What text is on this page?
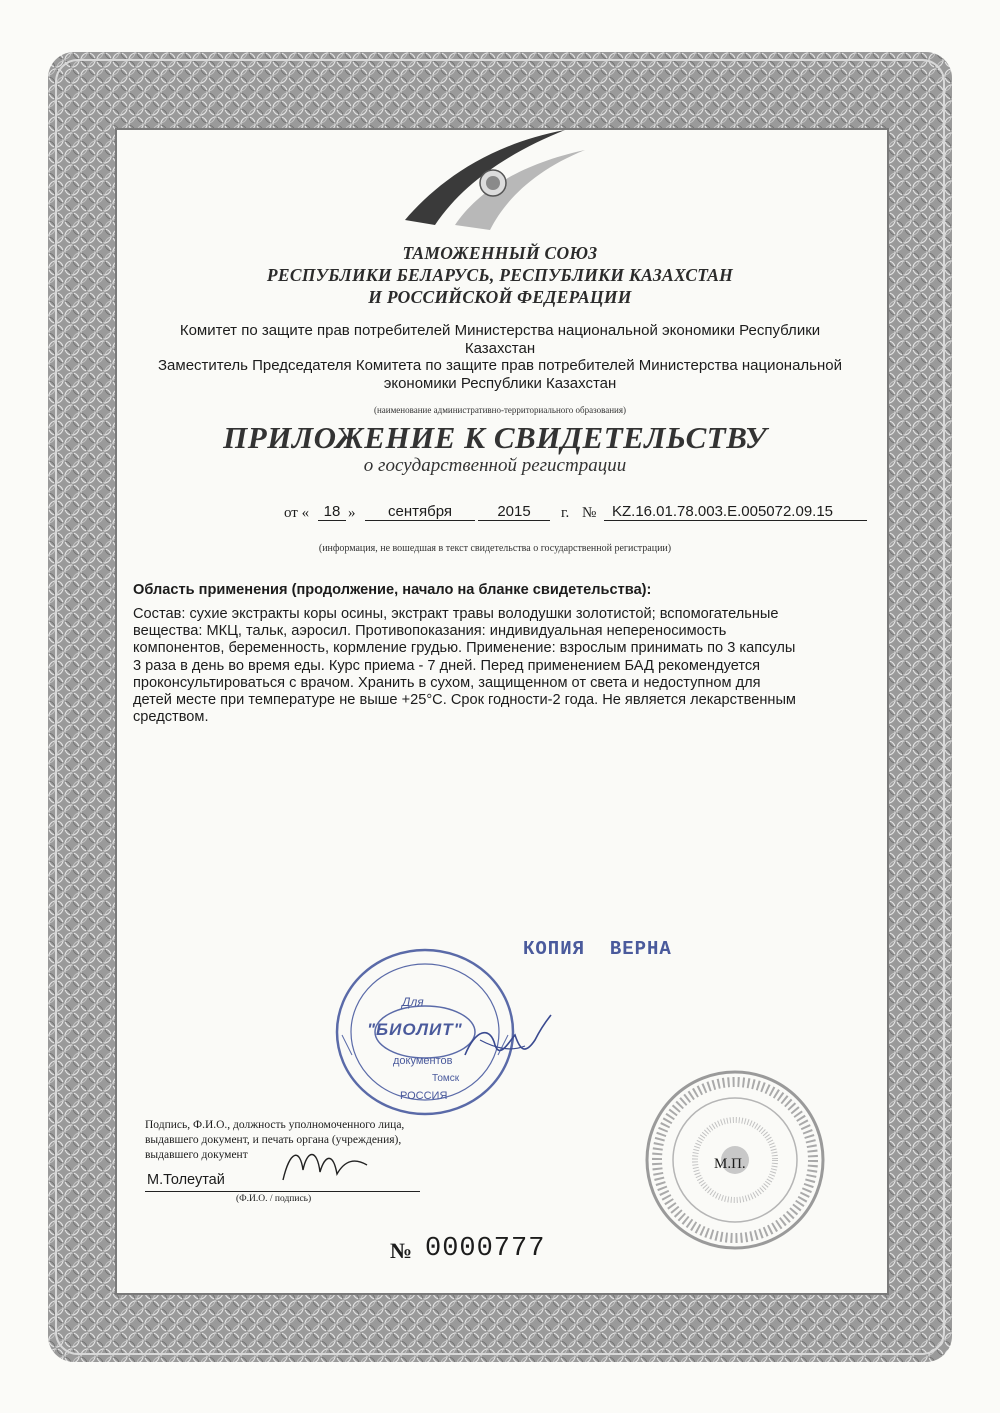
ТАМОЖЕННЫЙ СОЮЗ
РЕСПУБЛИКИ БЕЛАРУСЬ, РЕСПУБЛИКИ КАЗАХСТАН
И РОССИЙСКОЙ ФЕДЕРАЦИИ
Комитет по защите прав потребителей Министерства национальной экономики Республики
Казахстан
Заместитель Председателя Комитета по защите прав потребителей Министерства национальной
экономики Республики Казахстан
(наименование административно-территориального образования)
ПРИЛОЖЕНИЕ К СВИДЕТЕЛЬСТВУ
о государственной регистрации
от « 18 »	сентября	2015	г. №	KZ.16.01.78.003.E.005072.09.15
(информация, не вошедшая в текст свидетельства о государственной регистрации)
Область применения (продолжение, начало на бланке свидетельства):
Состав: сухие экстракты коры осины, экстракт травы володушки золотистой; вспомогательные
вещества: МКЦ, тальк, аэросил. Противопоказания: индивидуальная непереносимость
компонентов, беременность, кормление грудью. Применение: взрослым принимать по 3 капсулы
3 раза в день во время еды. Курс приема - 7 дней. Перед применением БАД рекомендуется
проконсультироваться с врачом. Хранить в сухом, защищенном от света и недоступном для
детей месте при температуре не выше +25°С. Срок годности-2 года. Не является лекарственным
средством.
КОПИЯ  ВЕРНА
Для
"БИОЛИТ"
документов
Томск
РОССИЯ
М.П.
Подпись, Ф.И.О., должность уполномоченного лица,
выдавшего документ, и печать органа (учреждения),
выдавшего документ
М.Толеутай
(Ф.И.О. / подпись)
№ 0000777
